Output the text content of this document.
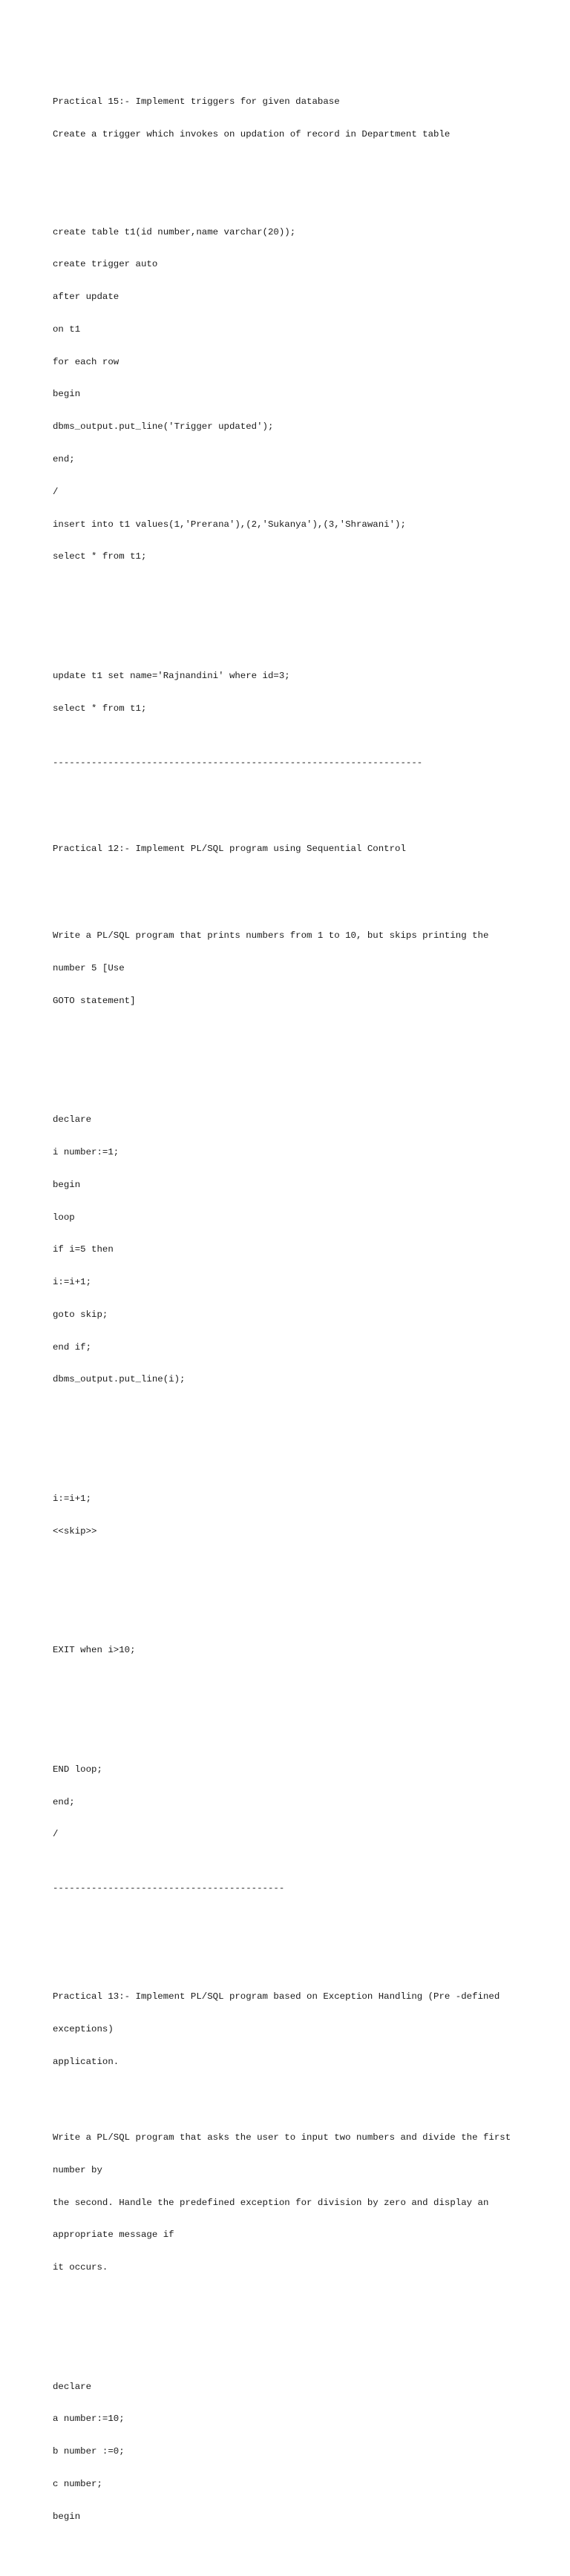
Practical 15:- Implement triggers for given database

Create a trigger which invokes on updation of record in Department table

create table t1(id number,name varchar(20));

create trigger auto

after update

on t1

for each row

begin

dbms_output.put_line('Trigger updated');

end;

/

insert into t1 values(1,'Prerana'),(2,'Sukanya'),(3,'Shrawani');

select * from t1;

update t1 set name='Rajnandini' where id=3;

select * from t1;

-------------------------------------------------------------------

Practical 12:- Implement PL/SQL program using Sequential Control

Write a PL/SQL program that prints numbers from 1 to 10, but skips printing the

number 5 [Use

GOTO statement]

declare

i number:=1;

begin

loop

if i=5 then

i:=i+1;

goto skip;

end if;

dbms_output.put_line(i);

i:=i+1;

<<skip>>

EXIT when i>10;

END loop;

end;

/

------------------------------------------

Practical 13:- Implement PL/SQL program based on Exception Handling (Pre -defined

exceptions)

application.

Write a PL/SQL program that asks the user to input two numbers and divide the first

number by

the second. Handle the predefined exception for division by zero and display an

appropriate message if

it occurs.

declare

a number:=10;

b number :=0;

c number;

begin
